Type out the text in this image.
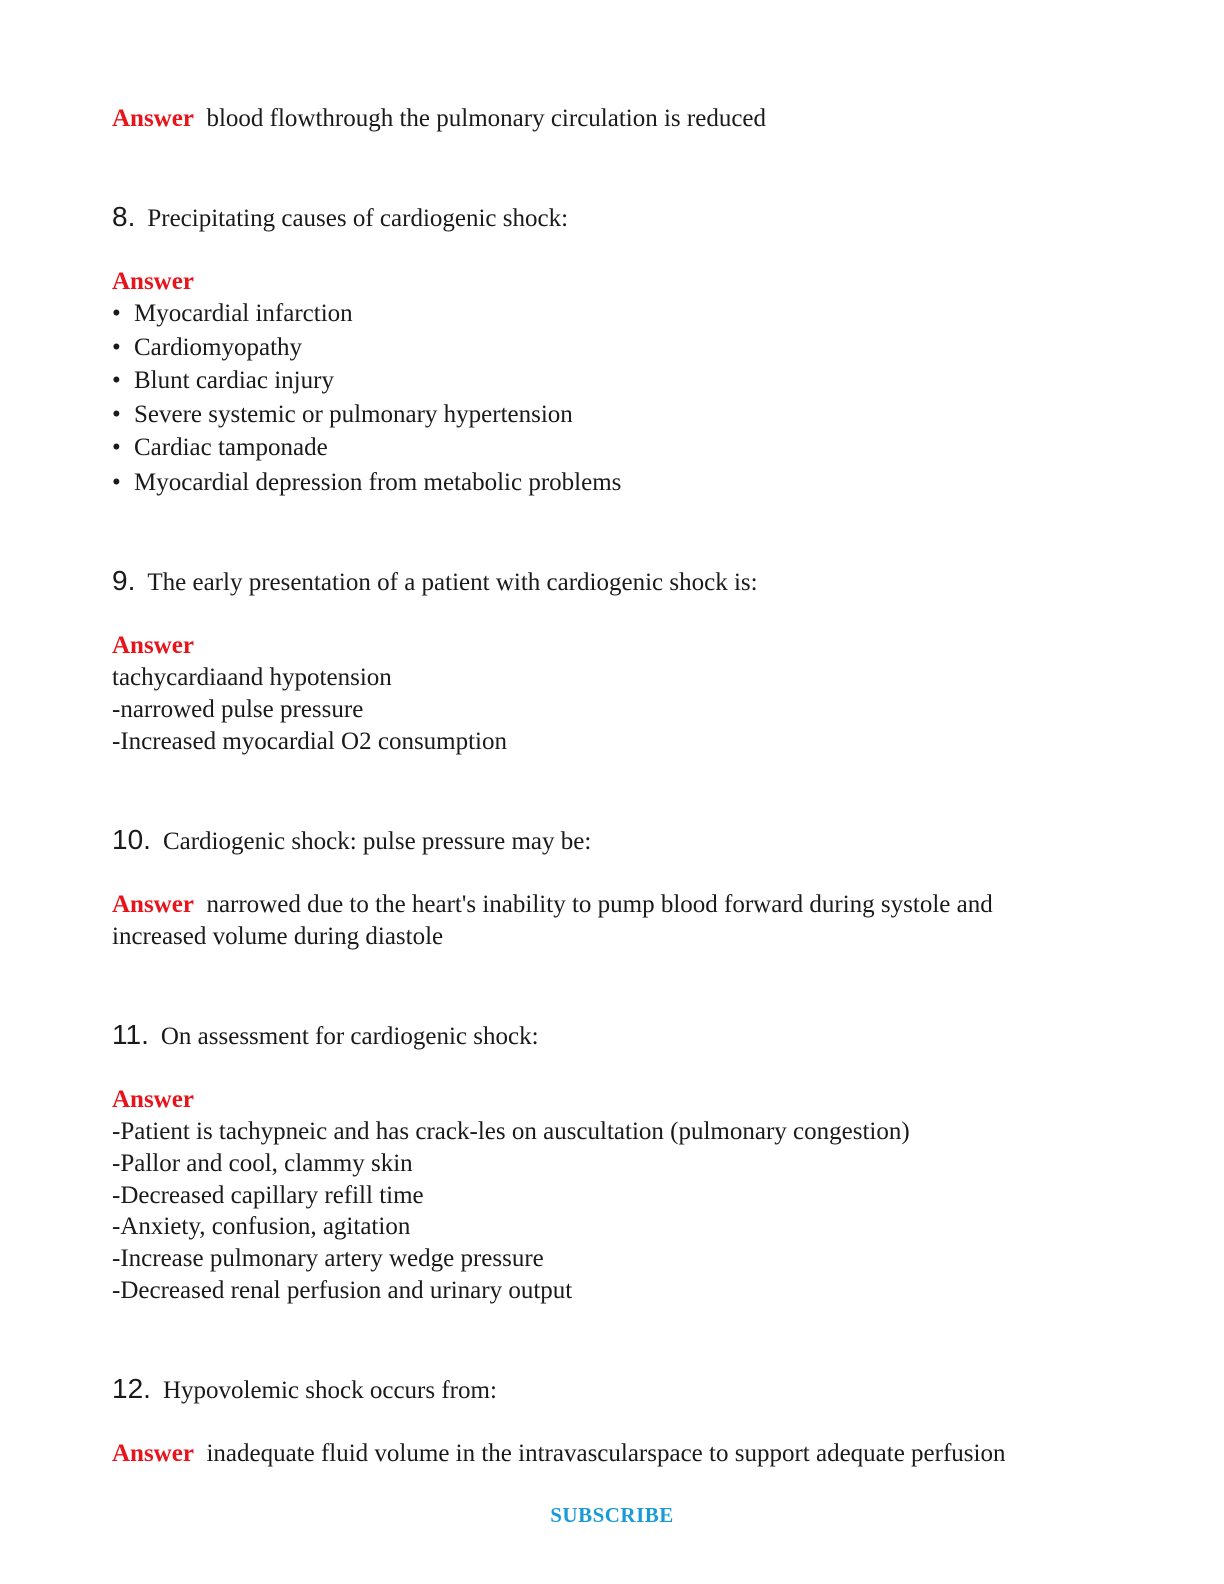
Answer blood flowthrough the pulmonary circulation is reduced
8. Precipitating causes of cardiogenic shock:
Answer
• Myocardial infarction
• Cardiomyopathy
• Blunt cardiac injury
• Severe systemic or pulmonary hypertension
• Cardiac tamponade
• Myocardial depression from metabolic problems
9. The early presentation of a patient with cardiogenic shock is:
Answer
tachycardiaand hypotension
-narrowed pulse pressure
-Increased myocardial O2 consumption
10. Cardiogenic shock: pulse pressure may be:
Answer narrowed due to the heart's inability to pump blood forward during systole and
increased volume during diastole
11. On assessment for cardiogenic shock:
Answer
-Patient is tachypneic and has crack-les on auscultation (pulmonary congestion)
-Pallor and cool, clammy skin
-Decreased capillary refill time
-Anxiety, confusion, agitation
-Increase pulmonary artery wedge pressure
-Decreased renal perfusion and urinary output
12. Hypovolemic shock occurs from:
Answer inadequate fluid volume in the intravascularspace to support adequate perfusion
SUBSCRIBE
